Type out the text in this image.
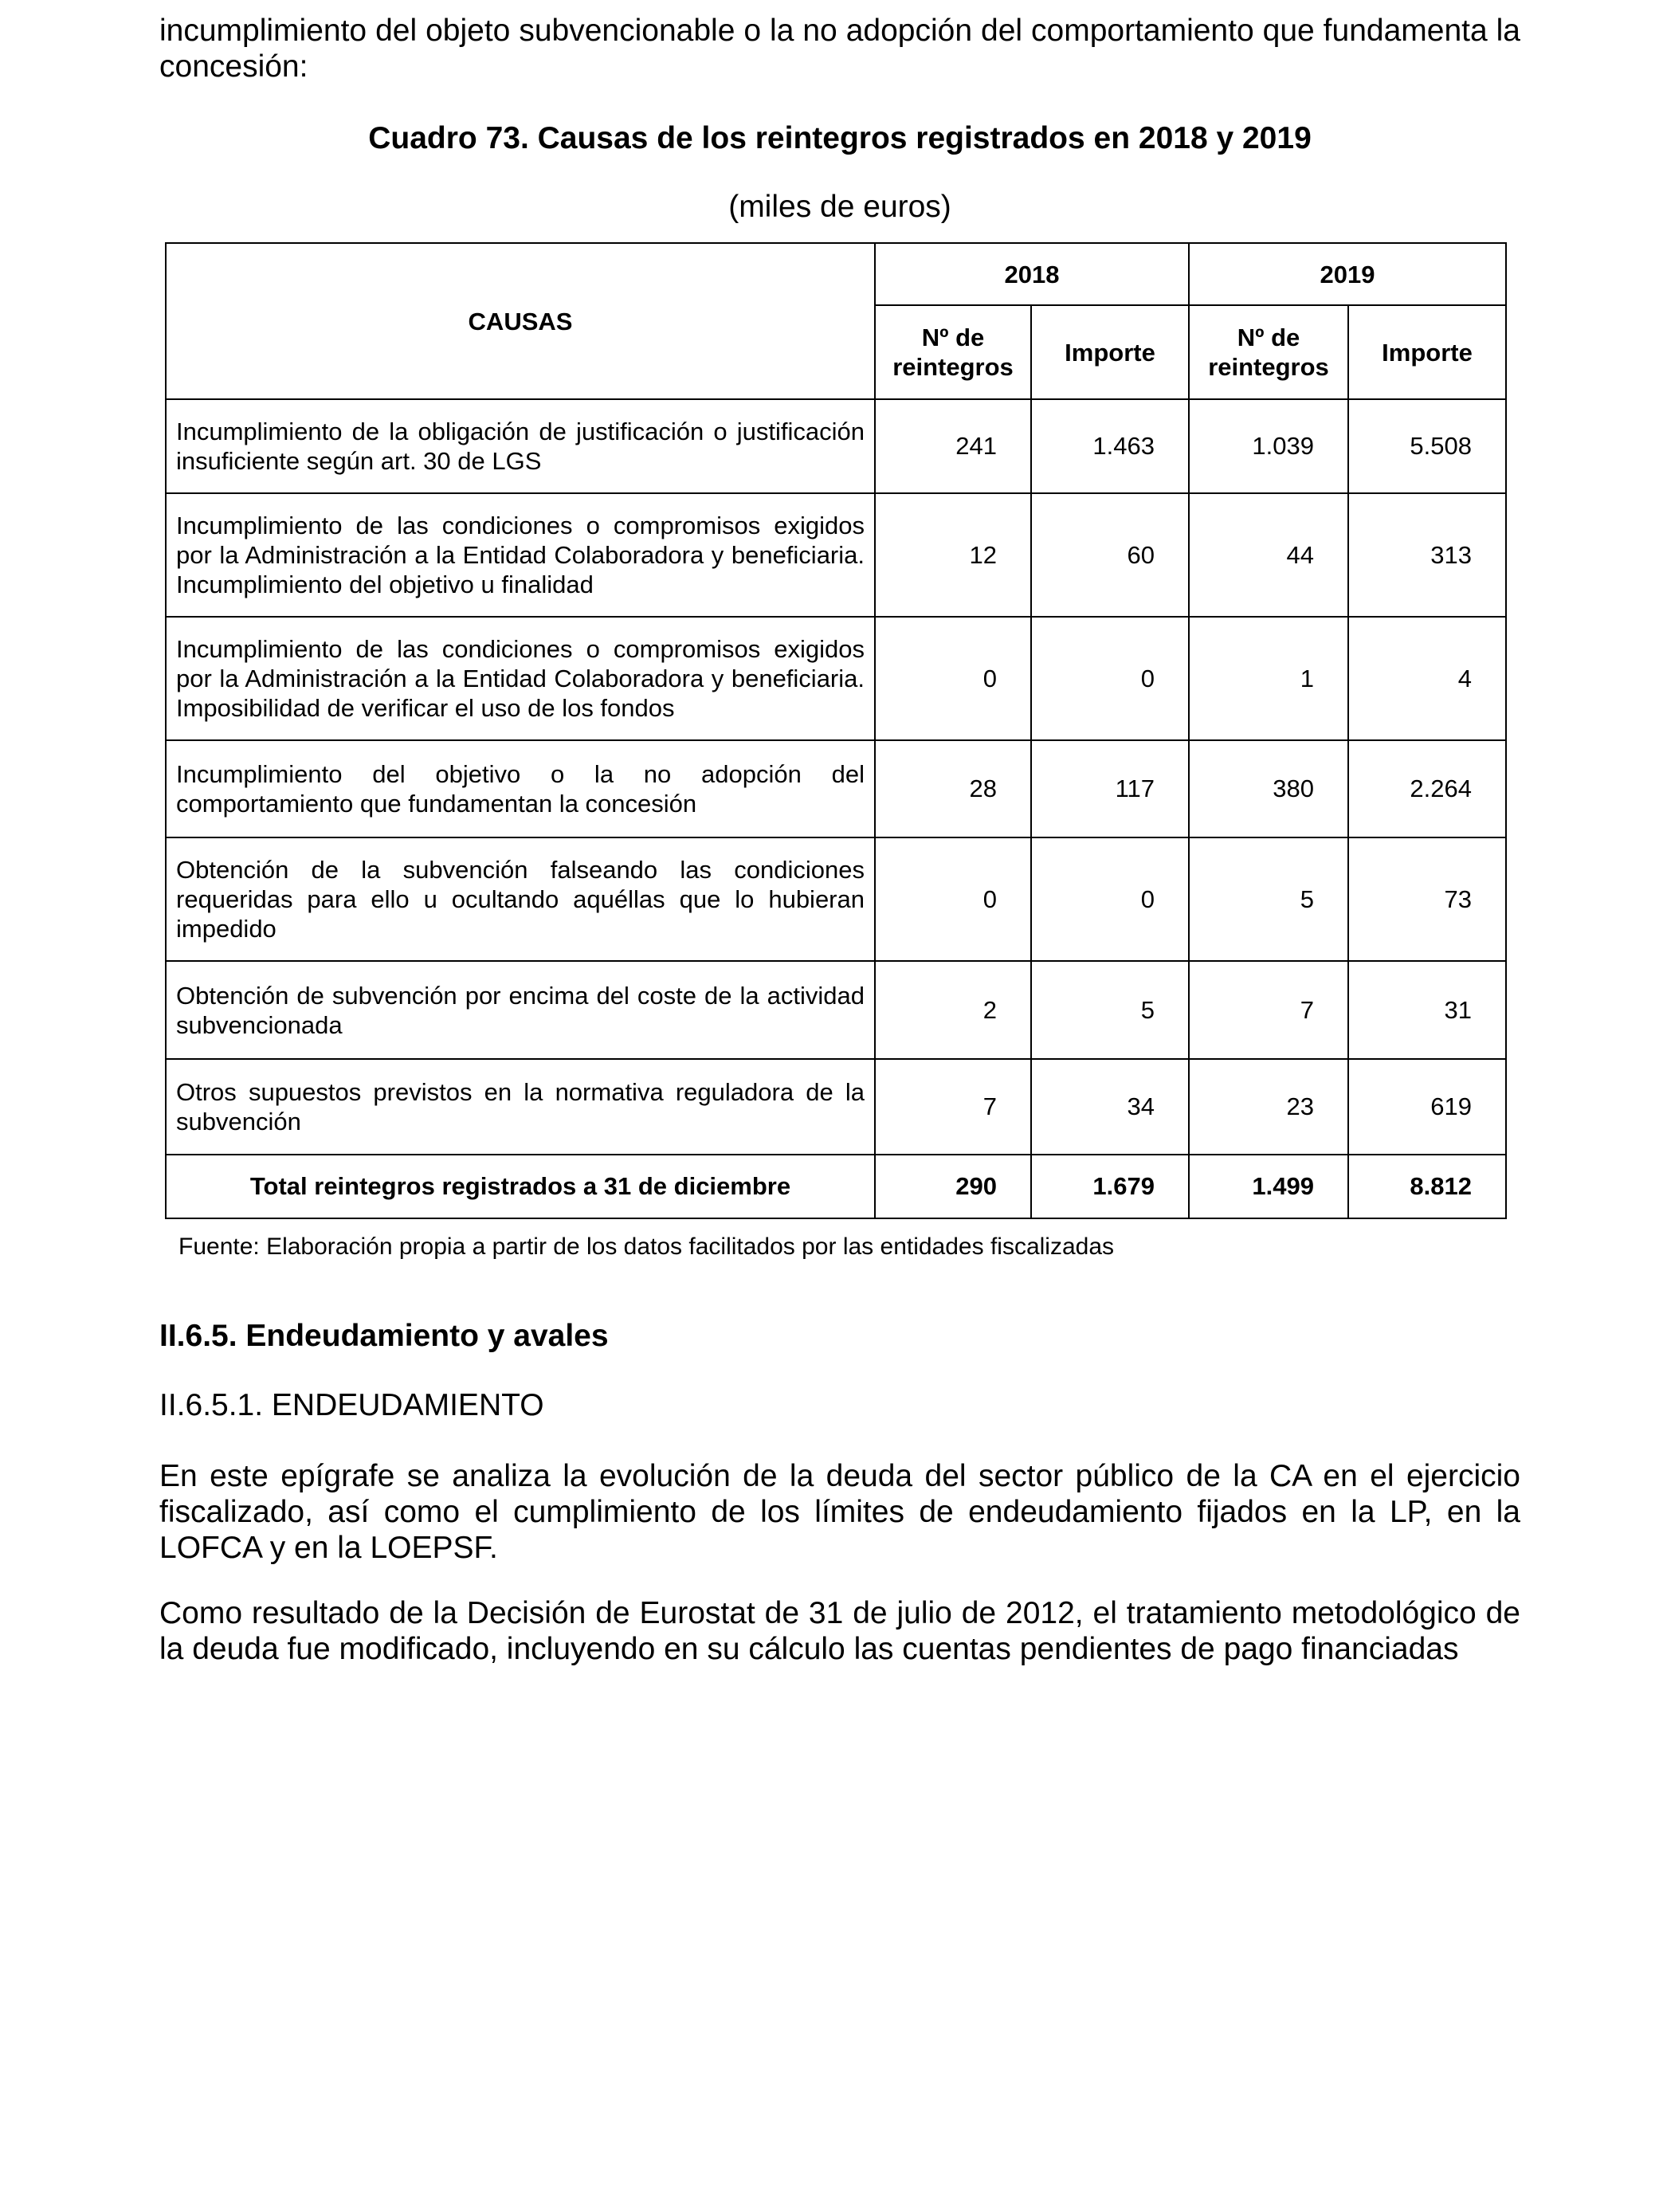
incumplimiento del objeto subvencionable o la no adopción del comportamiento que fundamenta la concesión:

Cuadro 73. Causas de los reintegros registrados en 2018 y 2019

(miles de euros)

CAUSAS	2018		2019	
	Nº de reintegros	Importe	Nº de reintegros	Importe
Incumplimiento de la obligación de justificación o justificación insuficiente según art. 30 de LGS	241	1.463	1.039	5.508
Incumplimiento de las condiciones o compromisos exigidos por la Administración a la Entidad Colaboradora y beneficiaria. Incumplimiento del objetivo u finalidad	12	60	44	313
Incumplimiento de las condiciones o compromisos exigidos por la Administración a la Entidad Colaboradora y beneficiaria. Imposibilidad de verificar el uso de los fondos	0	0	1	4
Incumplimiento del objetivo o la no adopción del comportamiento que fundamentan la concesión	28	117	380	2.264
Obtención de la subvención falseando las condiciones requeridas para ello u ocultando aquéllas que lo hubieran impedido	0	0	5	73
Obtención de subvención por encima del coste de la actividad subvencionada	2	5	7	31
Otros supuestos previstos en la normativa reguladora de la subvención	7	34	23	619
Total reintegros registrados a 31 de diciembre	290	1.679	1.499	8.812

Fuente: Elaboración propia a partir de los datos facilitados por las entidades fiscalizadas

II.6.5. Endeudamiento y avales

II.6.5.1. ENDEUDAMIENTO

En este epígrafe se analiza la evolución de la deuda del sector público de la CA en el ejercicio fiscalizado, así como el cumplimiento de los límites de endeudamiento fijados en la LP, en la LOFCA y en la LOEPSF.

Como resultado de la Decisión de Eurostat de 31 de julio de 2012, el tratamiento metodológico de la deuda fue modificado, incluyendo en su cálculo las cuentas pendientes de pago financiadas
